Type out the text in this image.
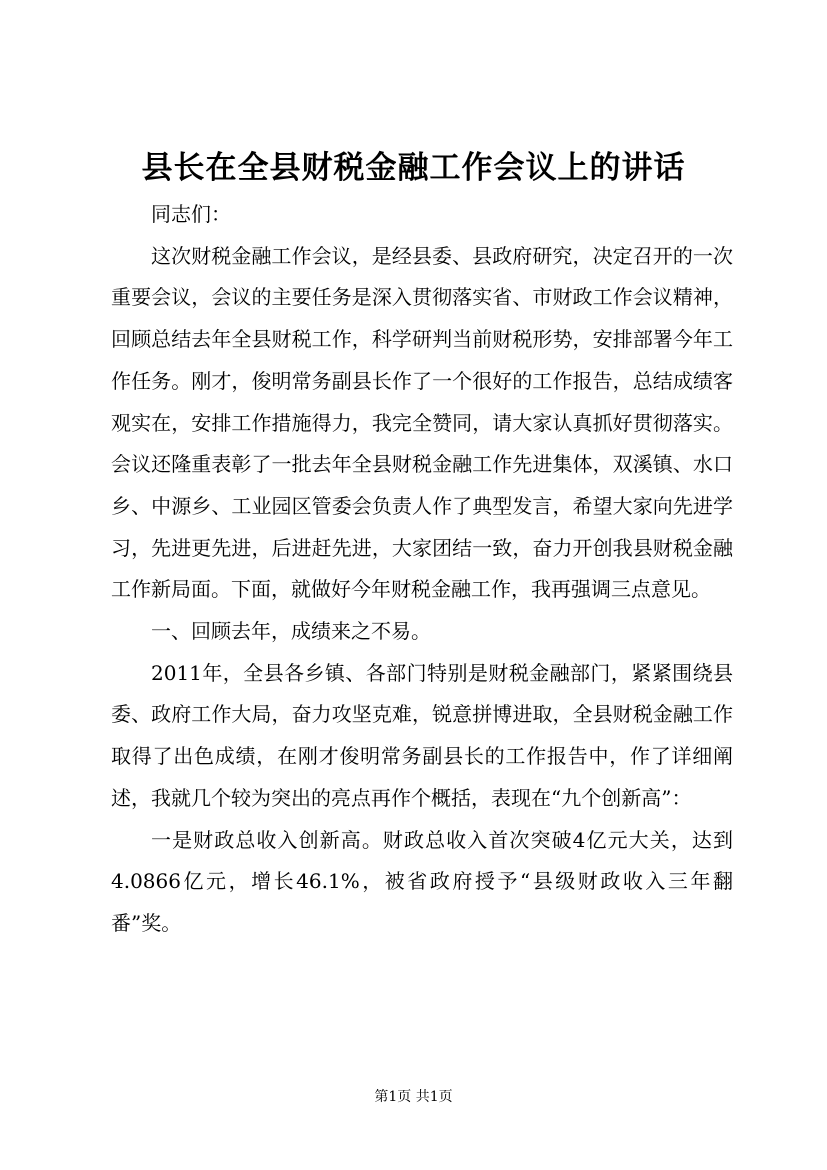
县长在全县财税金融工作会议上的讲话

同志们：

这次财税金融工作会议，是经县委、县政府研究，决定召开的一次重要会议，会议的主要任务是深入贯彻落实省、市财政工作会议精神，回顾总结去年全县财税工作，科学研判当前财税形势，安排部署今年工作任务。刚才，俊明常务副县长作了一个很好的工作报告，总结成绩客观实在，安排工作措施得力，我完全赞同，请大家认真抓好贯彻落实。会议还隆重表彰了一批去年全县财税金融工作先进集体，双溪镇、水口乡、中源乡、工业园区管委会负责人作了典型发言，希望大家向先进学习，先进更先进，后进赶先进，大家团结一致，奋力开创我县财税金融工作新局面。下面，就做好今年财税金融工作，我再强调三点意见。

一、回顾去年，成绩来之不易。

2011年，全县各乡镇、各部门特别是财税金融部门，紧紧围绕县委、政府工作大局，奋力攻坚克难，锐意拼博进取，全县财税金融工作取得了出色成绩，在刚才俊明常务副县长的工作报告中，作了详细阐述，我就几个较为突出的亮点再作个概括，表现在“九个创新高”：

一是财政总收入创新高。财政总收入首次突破4亿元大关，达到4.0866亿元，增长46.1%，被省政府授予“县级财政收入三年翻番”奖。

第1页 共1页
